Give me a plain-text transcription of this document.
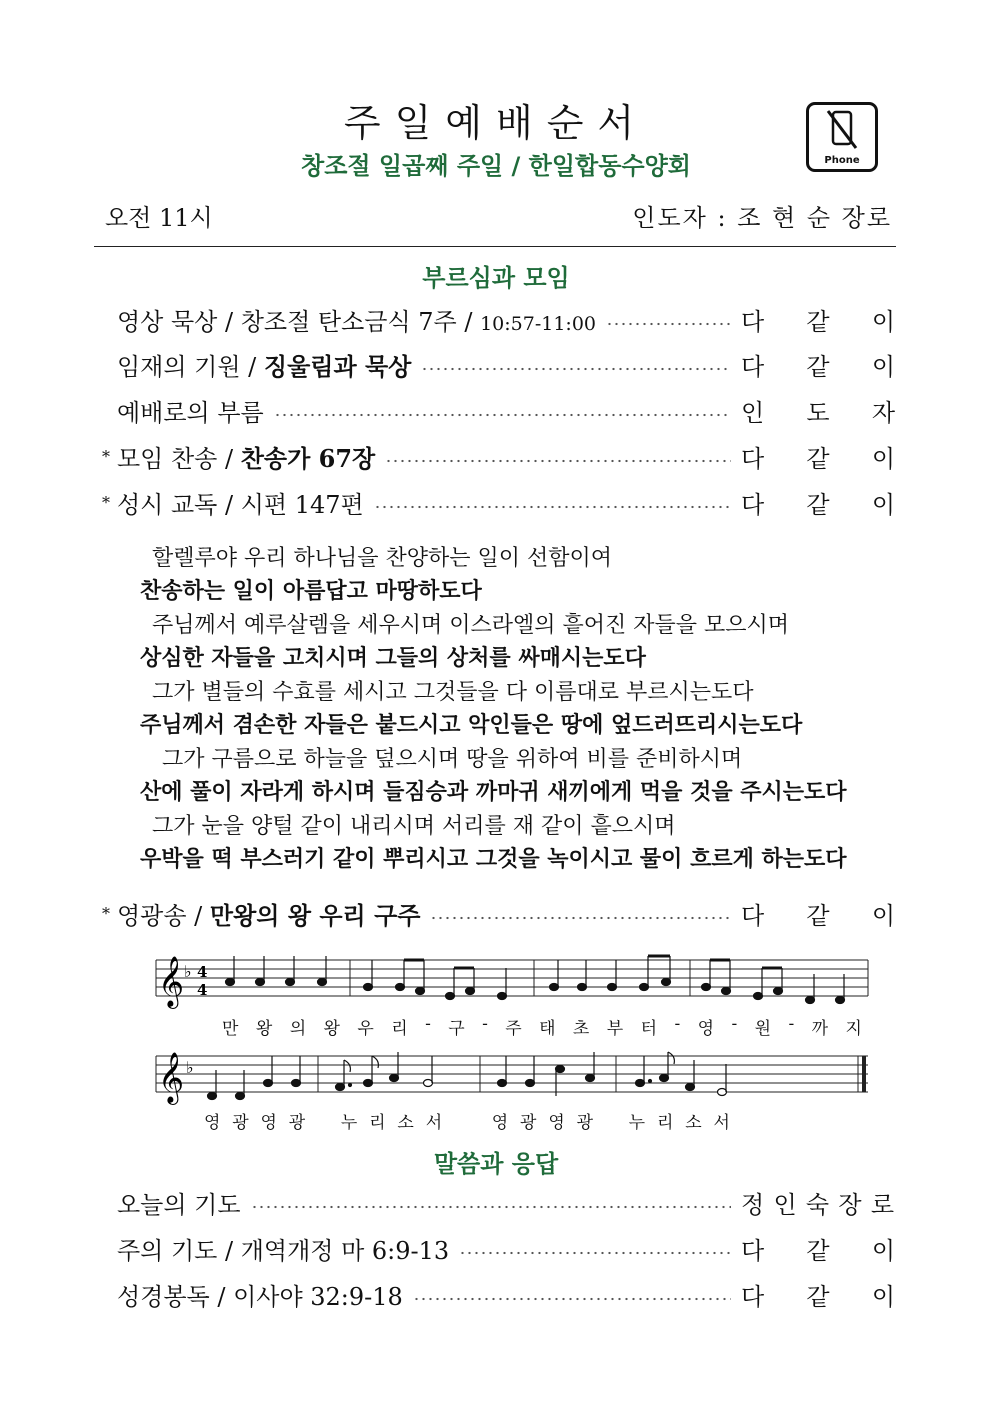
주일예배순서
창조절 일곱째 주일 / 한일합동수양회	Phone
오전 11시	인도자 : 조 현 순 장로
부르심과 모임
영상 묵상 / 창조절 탄소금식 7주 / 10:57-11:00	다 같 이
임재의 기원 / 징울림과 묵상	다 같 이
예배로의 부름	인 도 자
* 모임 찬송 / 찬송가 67장	다 같 이
* 성시 교독 / 시편 147편	다 같 이
할렐루야 우리 하나님을 찬양하는 일이 선함이여
찬송하는 일이 아름답고 마땅하도다
주님께서 예루살렘을 세우시며 이스라엘의 흩어진 자들을 모으시며
상심한 자들을 고치시며 그들의 상처를 싸매시는도다
그가 별들의 수효를 세시고 그것들을 다 이름대로 부르시는도다
주님께서 겸손한 자들은 붙드시고 악인들은 땅에 엎드러뜨리시는도다
그가 구름으로 하늘을 덮으시며 땅을 위하여 비를 준비하시며
산에 풀이 자라게 하시며 들짐승과 까마귀 새끼에게 먹을 것을 주시는도다
그가 눈을 양털 같이 내리시며 서리를 재 같이 흩으시며
우박을 떡 부스러기 같이 뿌리시고 그것을 녹이시고 물이 흐르게 하는도다
* 영광송 / 만왕의 왕 우리 구주	다 같 이
𝄞 ♭ 4
4
만 왕 의 왕 우 리 - 구 - 주 태 초 부 터 - 영 - 원 - 까 지
𝄞 ♭
영 광 영 광 누 리 소 서	영 광 영 광 누 리 소 서
말씀과 응답
오늘의 기도	정 인 숙 장 로
주의 기도 / 개역개정 마 6:9-13	다 같 이
성경봉독 / 이사야 32:9-18	다 같 이
